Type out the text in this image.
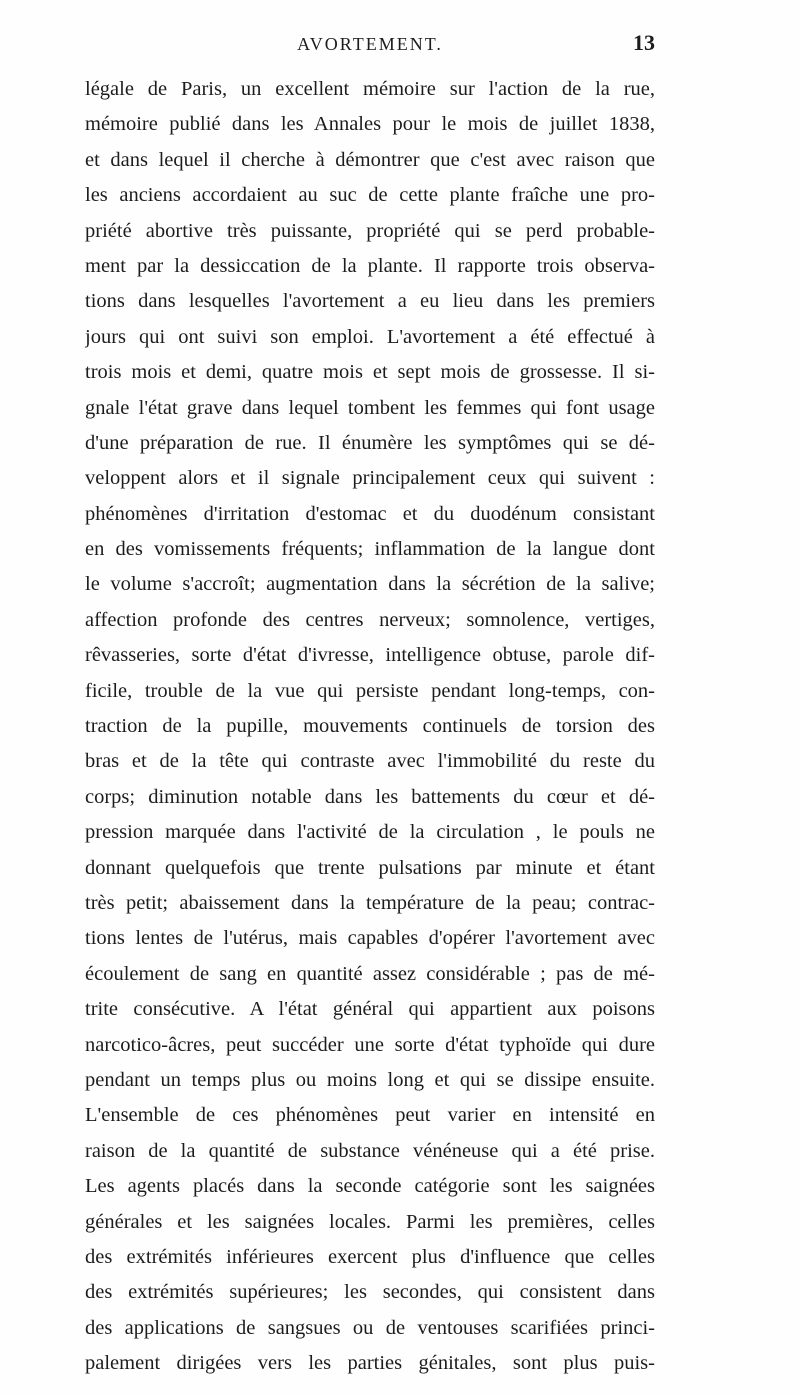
AVORTEMENT.	13
légale de Paris, un excellent mémoire sur l'action de la rue,
mémoire publié dans les Annales pour le mois de juillet 1838,
et dans lequel il cherche à démontrer que c'est avec raison que
les anciens accordaient au suc de cette plante fraîche une pro-
priété abortive très puissante, propriété qui se perd probable-
ment par la dessiccation de la plante. Il rapporte trois observa-
tions dans lesquelles l'avortement a eu lieu dans les premiers
jours qui ont suivi son emploi. L'avortement a été effectué à
trois mois et demi, quatre mois et sept mois de grossesse. Il si-
gnale l'état grave dans lequel tombent les femmes qui font usage
d'une préparation de rue. Il énumère les symptômes qui se dé-
veloppent alors et il signale principalement ceux qui suivent :
phénomènes d'irritation d'estomac et du duodénum consistant
en des vomissements fréquents; inflammation de la langue dont
le volume s'accroît; augmentation dans la sécrétion de la salive;
affection profonde des centres nerveux; somnolence, vertiges,
rêvasseries, sorte d'état d'ivresse, intelligence obtuse, parole dif-
ficile, trouble de la vue qui persiste pendant long-temps, con-
traction de la pupille, mouvements continuels de torsion des
bras et de la tête qui contraste avec l'immobilité du reste du
corps; diminution notable dans les battements du cœur et dé-
pression marquée dans l'activité de la circulation , le pouls ne
donnant quelquefois que trente pulsations par minute et étant
très petit; abaissement dans la température de la peau; contrac-
tions lentes de l'utérus, mais capables d'opérer l'avortement avec
écoulement de sang en quantité assez considérable ; pas de mé-
trite consécutive. A l'état général qui appartient aux poisons
narcotico-âcres, peut succéder une sorte d'état typhoïde qui dure
pendant un temps plus ou moins long et qui se dissipe ensuite.
L'ensemble de ces phénomènes peut varier en intensité en
raison de la quantité de substance vénéneuse qui a été prise.
Les agents placés dans la seconde catégorie sont les saignées
générales et les saignées locales. Parmi les premières, celles
des extrémités inférieures exercent plus d'influence que celles
des extrémités supérieures; les secondes, qui consistent dans
des applications de sangsues ou de ventouses scarifiées princi-
palement dirigées vers les parties génitales, sont plus puis-
